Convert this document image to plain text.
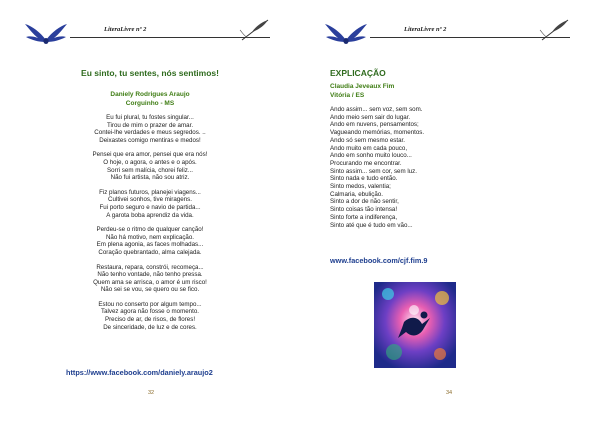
LiteraLivre nº 2
Eu sinto, tu sentes, nós sentimos!
Daniely Rodrigues Araujo
Corguinho - MS
Eu fui plural, tu fostes singular...
Tirou de mim o prazer de amar.
Contei-lhe verdades e meus segredos. ..
Deixastes comigo mentiras e medos!
Pensei que era amor, pensei que era nós!
O hoje, o agora, o antes e o após.
Sorri sem malícia, chorei feliz...
Não fui artista, não sou atriz.
Fiz planos futuros, planejei viagens...
Cultivei sonhos, tive miragens.
Fui porto seguro e navio de partida...
A garota boba aprendiz da vida.
Perdeu-se o ritmo de qualquer canção!
Não há motivo, nem explicação.
Em plena agonia, as faces molhadas...
Coração quebrantado, alma calejada.
Restaura, repara, constrói, recomeça...
Não tenho vontade, não tenho pressa.
Quem ama se arrisca, o amor é um risco!
Não sei se vou, se quero ou se fico.
Estou no conserto por algum tempo...
Talvez agora não fosse o momento.
Preciso de ar, de risos, de flores!
De sinceridade, de luz e de cores.
https://www.facebook.com/daniely.araujo2
32
LiteraLivre nº 2
EXPLICAÇÃO
Claudia Jeveaux Fim
Vitória / ES
Ando assim... sem voz, sem som.
Ando meio sem sair do lugar.
Ando em nuvens, pensamentos;
Vagueando memórias, momentos.
Ando só sem mesmo estar.
Ando muito em cada pouco,
Ando em sonho muito louco...
Procurando me encontrar.
Sinto assim... sem cor, sem luz.
Sinto nada e tudo então.
Sinto medos, valentia;
Calmaria, ebulição.
Sinto a dor de não sentir,
Sinto coisas tão intensa!
Sinto forte a indiferença,
Sinto até que é tudo em vão...
www.facebook.com/cjf.fim.9
34
